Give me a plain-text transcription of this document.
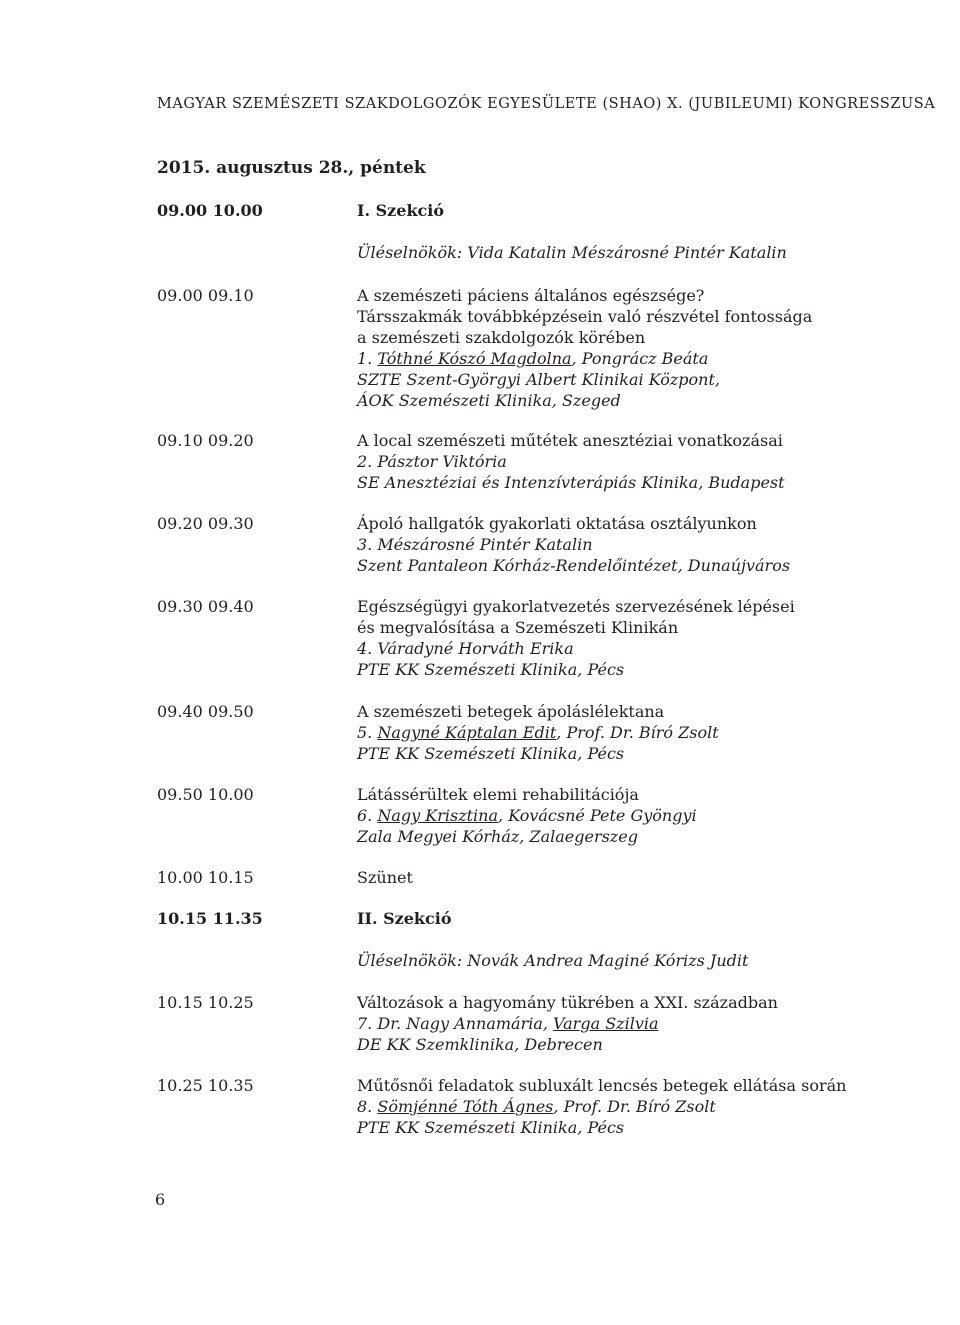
MAGYAR SZEMÉSZETI SZAKDOLGOZÓK EGYESÜLETE (SHAO) X. (JUBILEUMI) KONGRESSZUSA
2015. augusztus 28., péntek
09.00 10.00	I. Szekció
Üléselnökök: Vida Katalin Mészárosné Pintér Katalin
09.00 09.10	A szemészeti páciens általános egészsége?
Társszakmák továbbképzésein való részvétel fontossága
a szemészeti szakdolgozók körében
1. Tóthné Kószó Magdolna, Pongrácz Beáta
SZTE Szent-Györgyi Albert Klinikai Központ,
ÁOK Szemészeti Klinika, Szeged
09.10 09.20	A local szemészeti műtétek anesztéziai vonatkozásai
2. Pásztor Viktória
SE Anesztéziai és Intenzívterápiás Klinika, Budapest
09.20 09.30	Ápoló hallgatók gyakorlati oktatása osztályunkon
3. Mészárosné Pintér Katalin
Szent Pantaleon Kórház-Rendelőintézet, Dunaújváros
09.30 09.40	Egészségügyi gyakorlatvezetés szervezésének lépései
és megvalósítása a Szemészeti Klinikán
4. Váradyné Horváth Erika
PTE KK Szemészeti Klinika, Pécs
09.40 09.50	A szemészeti betegek ápoláslélektana
5. Nagyné Káptalan Edit, Prof. Dr. Bíró Zsolt
PTE KK Szemészeti Klinika, Pécs
09.50 10.00	Látássérültek elemi rehabilitációja
6. Nagy Krisztina, Kovácsné Pete Gyöngyi
Zala Megyei Kórház, Zalaegerszeg
10.00 10.15	Szünet
10.15 11.35	II. Szekció
Üléselnökök: Novák Andrea Maginé Kórizs Judit
10.15 10.25	Változások a hagyomány tükrében a XXI. században
7. Dr. Nagy Annamária, Varga Szilvia
DE KK Szemklinika, Debrecen
10.25 10.35	Műtősnői feladatok subluxált lencsés betegek ellátása során
8. Sömjénné Tóth Ágnes, Prof. Dr. Bíró Zsolt
PTE KK Szemészeti Klinika, Pécs
6
